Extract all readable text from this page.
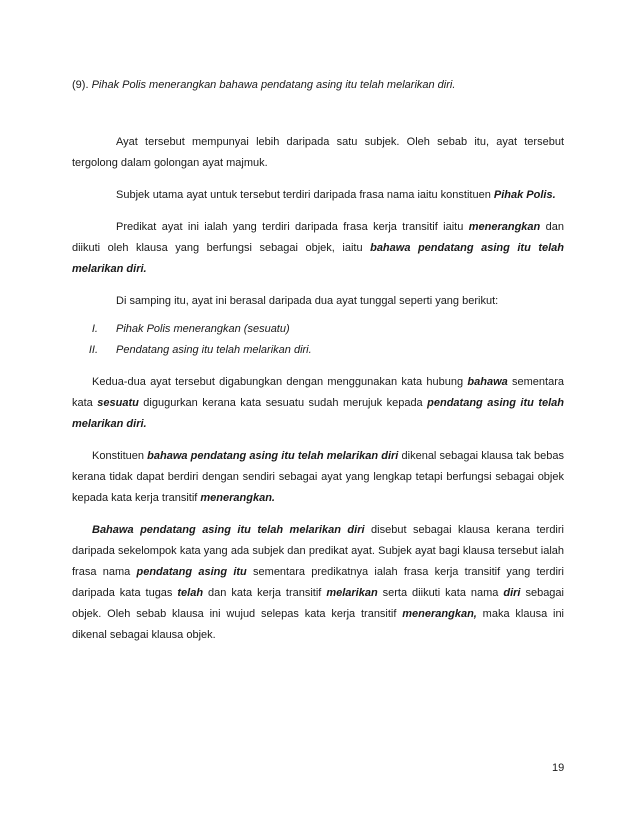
(9). Pihak Polis menerangkan bahawa pendatang asing itu telah melarikan diri.

Ayat tersebut mempunyai lebih daripada satu subjek. Oleh sebab itu, ayat tersebut tergolong dalam golongan ayat majmuk.

Subjek utama ayat untuk tersebut terdiri daripada frasa nama iaitu konstituen Pihak Polis.

Predikat ayat ini ialah yang terdiri daripada frasa kerja transitif iaitu menerangkan dan diikuti oleh klausa yang berfungsi sebagai objek, iaitu bahawa pendatang asing itu telah melarikan diri.

Di samping itu, ayat ini berasal daripada dua ayat tunggal seperti yang berikut:

I. Pihak Polis menerangkan (sesuatu)
II. Pendatang asing itu telah melarikan diri.

Kedua-dua ayat tersebut digabungkan dengan menggunakan kata hubung bahawa sementara kata sesuatu digugurkan kerana kata sesuatu sudah merujuk kepada pendatang asing itu telah melarikan diri.

Konstituen bahawa pendatang asing itu telah melarikan diri dikenal sebagai klausa tak bebas kerana tidak dapat berdiri dengan sendiri sebagai ayat yang lengkap tetapi berfungsi sebagai objek kepada kata kerja transitif menerangkan.

Bahawa pendatang asing itu telah melarikan diri disebut sebagai klausa kerana terdiri daripada sekelompok kata yang ada subjek dan predikat ayat. Subjek ayat bagi klausa tersebut ialah frasa nama pendatang asing itu sementara predikatnya ialah frasa kerja transitif yang terdiri daripada kata tugas telah dan kata kerja transitif melarikan serta diikuti kata nama diri sebagai objek. Oleh sebab klausa ini wujud selepas kata kerja transitif menerangkan, maka klausa ini dikenal sebagai klausa objek.

19
